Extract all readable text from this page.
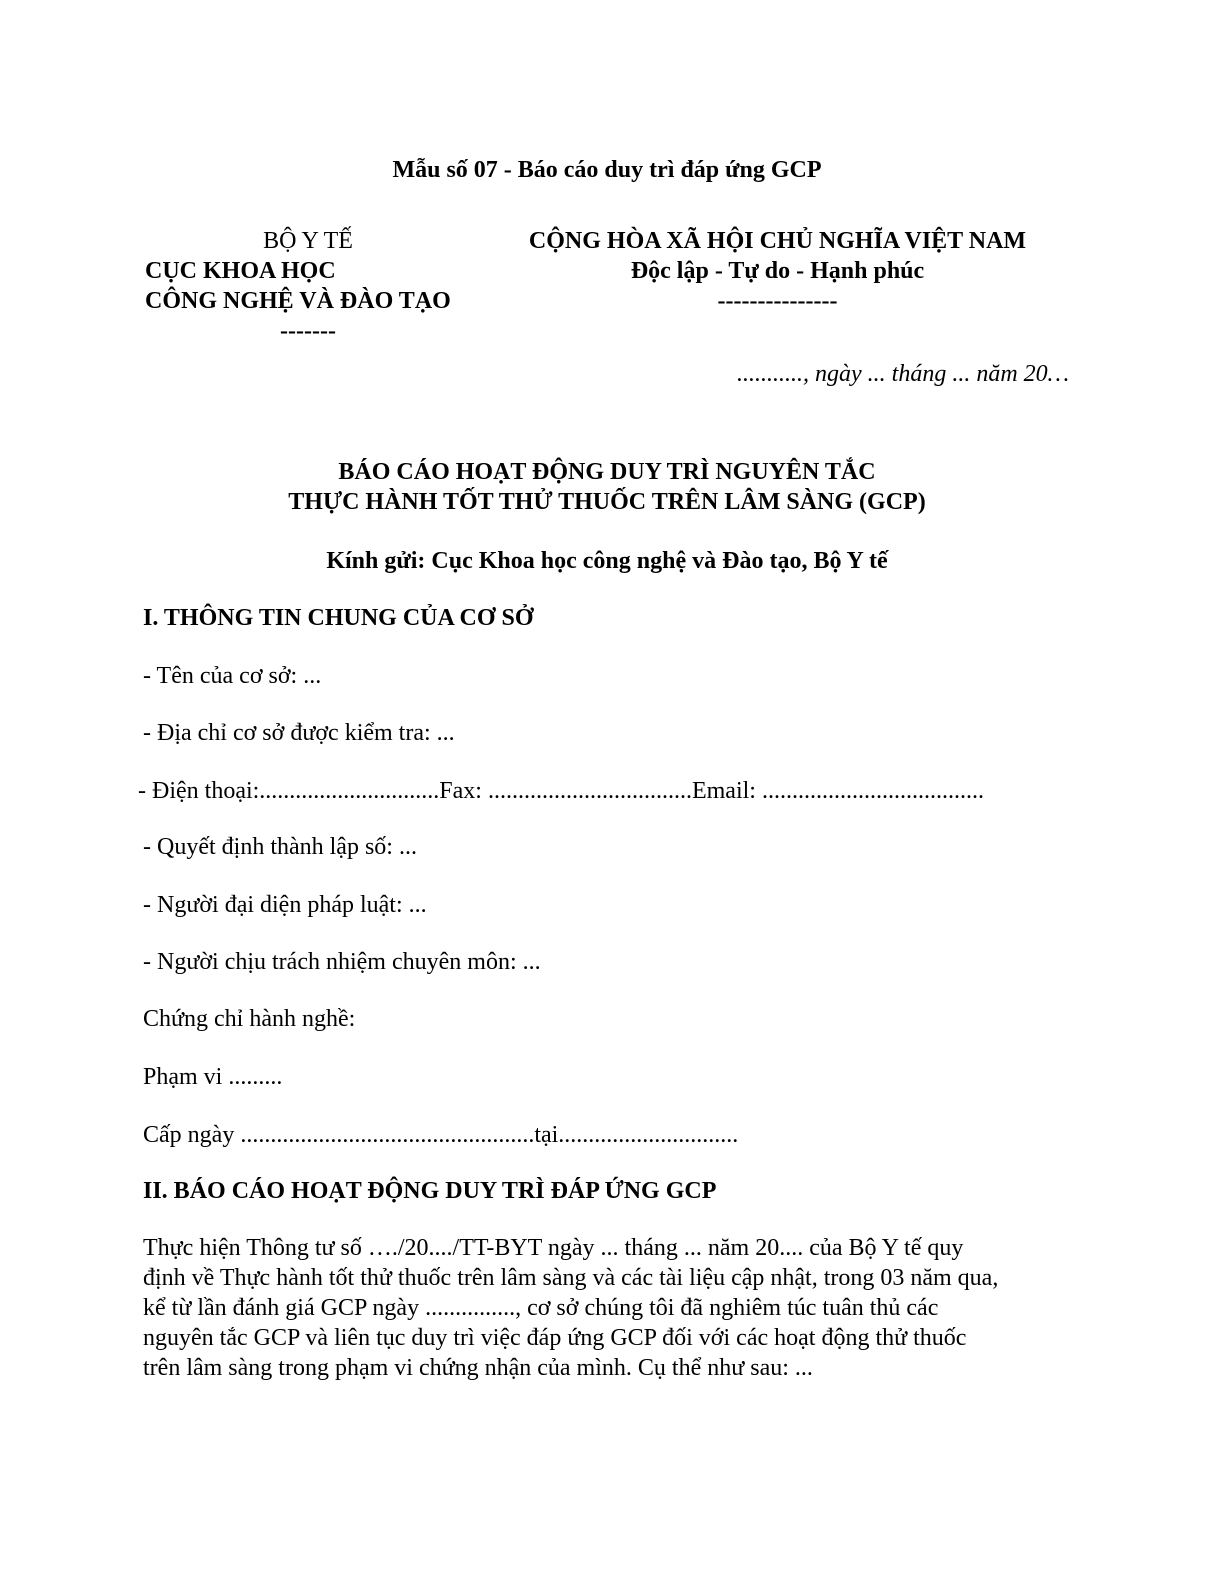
Mẫu số 07 - Báo cáo duy trì đáp ứng GCP
BỘ Y TẾ
CỤC KHOA HỌC
CÔNG NGHỆ VÀ ĐÀO TẠO
-------
CỘNG HÒA XÃ HỘI CHỦ NGHĨA VIỆT NAM
Độc lập - Tự do - Hạnh phúc
---------------
..........., ngày ... tháng ... năm 20…
BÁO CÁO HOẠT ĐỘNG DUY TRÌ NGUYÊN TẮC
THỰC HÀNH TỐT THỬ THUỐC TRÊN LÂM SÀNG (GCP)
Kính gửi: Cục Khoa học công nghệ và Đào tạo, Bộ Y tế
I. THÔNG TIN CHUNG CỦA CƠ SỞ
- Tên của cơ sở: ...
- Địa chỉ cơ sở được kiểm tra: ...
- Điện thoại:..............................Fax: ..................................Email: .....................................
- Quyết định thành lập số: ...
- Người đại diện pháp luật: ...
- Người chịu trách nhiệm chuyên môn: ...
Chứng chỉ hành nghề:
Phạm vi .........
Cấp ngày .................................................tại..............................
II. BÁO CÁO HOẠT ĐỘNG DUY TRÌ ĐÁP ỨNG GCP
Thực hiện Thông tư số …./20..../TT-BYT ngày ... tháng ... năm 20.... của Bộ Y tế quy
định về Thực hành tốt thử thuốc trên lâm sàng và các tài liệu cập nhật, trong 03 năm qua,
kể từ lần đánh giá GCP ngày ..............., cơ sở chúng tôi đã nghiêm túc tuân thủ các
nguyên tắc GCP và liên tục duy trì việc đáp ứng GCP đối với các hoạt động thử thuốc
trên lâm sàng trong phạm vi chứng nhận của mình. Cụ thể như sau: ...
